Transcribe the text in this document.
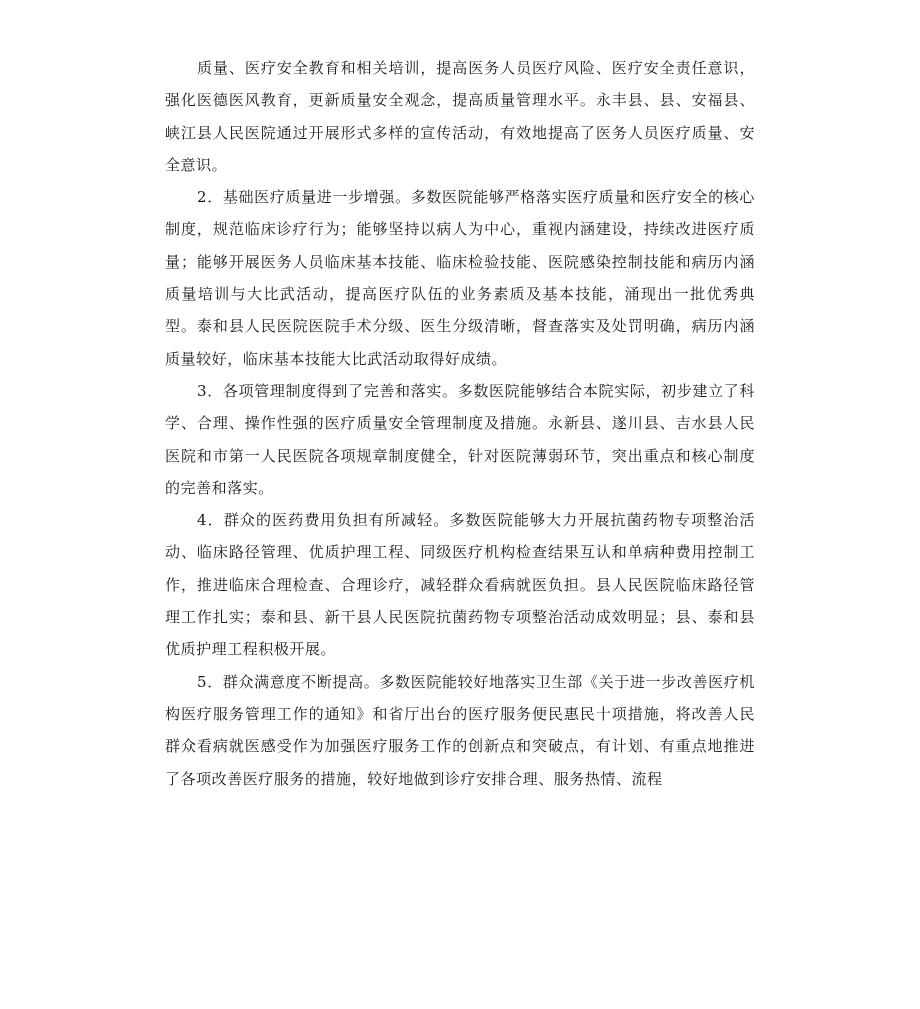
质量、医疗安全教育和相关培训，提高医务人员医疗风险、医疗安全责任意识，强化医德医风教育，更新质量安全观念，提高质量管理水平。永丰县、县、安福县、峡江县人民医院通过开展形式多样的宣传活动，有效地提高了医务人员医疗质量、安全意识。

2．基础医疗质量进一步增强。多数医院能够严格落实医疗质量和医疗安全的核心制度，规范临床诊疗行为；能够坚持以病人为中心，重视内涵建设，持续改进医疗质量；能够开展医务人员临床基本技能、临床检验技能、医院感染控制技能和病历内涵质量培训与大比武活动，提高医疗队伍的业务素质及基本技能，涌现出一批优秀典型。泰和县人民医院医院手术分级、医生分级清晰，督查落实及处罚明确，病历内涵质量较好，临床基本技能大比武活动取得好成绩。

3．各项管理制度得到了完善和落实。多数医院能够结合本院实际，初步建立了科学、合理、操作性强的医疗质量安全管理制度及措施。永新县、遂川县、吉水县人民医院和市第一人民医院各项规章制度健全，针对医院薄弱环节，突出重点和核心制度的完善和落实。

4．群众的医药费用负担有所减轻。多数医院能够大力开展抗菌药物专项整治活动、临床路径管理、优质护理工程、同级医疗机构检查结果互认和单病种费用控制工作，推进临床合理检查、合理诊疗，减轻群众看病就医负担。县人民医院临床路径管理工作扎实；泰和县、新干县人民医院抗菌药物专项整治活动成效明显；县、泰和县优质护理工程积极开展。

5．群众满意度不断提高。多数医院能较好地落实卫生部《关于进一步改善医疗机构医疗服务管理工作的通知》和省厅出台的医疗服务便民惠民十项措施，将改善人民群众看病就医感受作为加强医疗服务工作的创新点和突破点，有计划、有重点地推进了各项改善医疗服务的措施，较好地做到诊疗安排合理、服务热情、流程
